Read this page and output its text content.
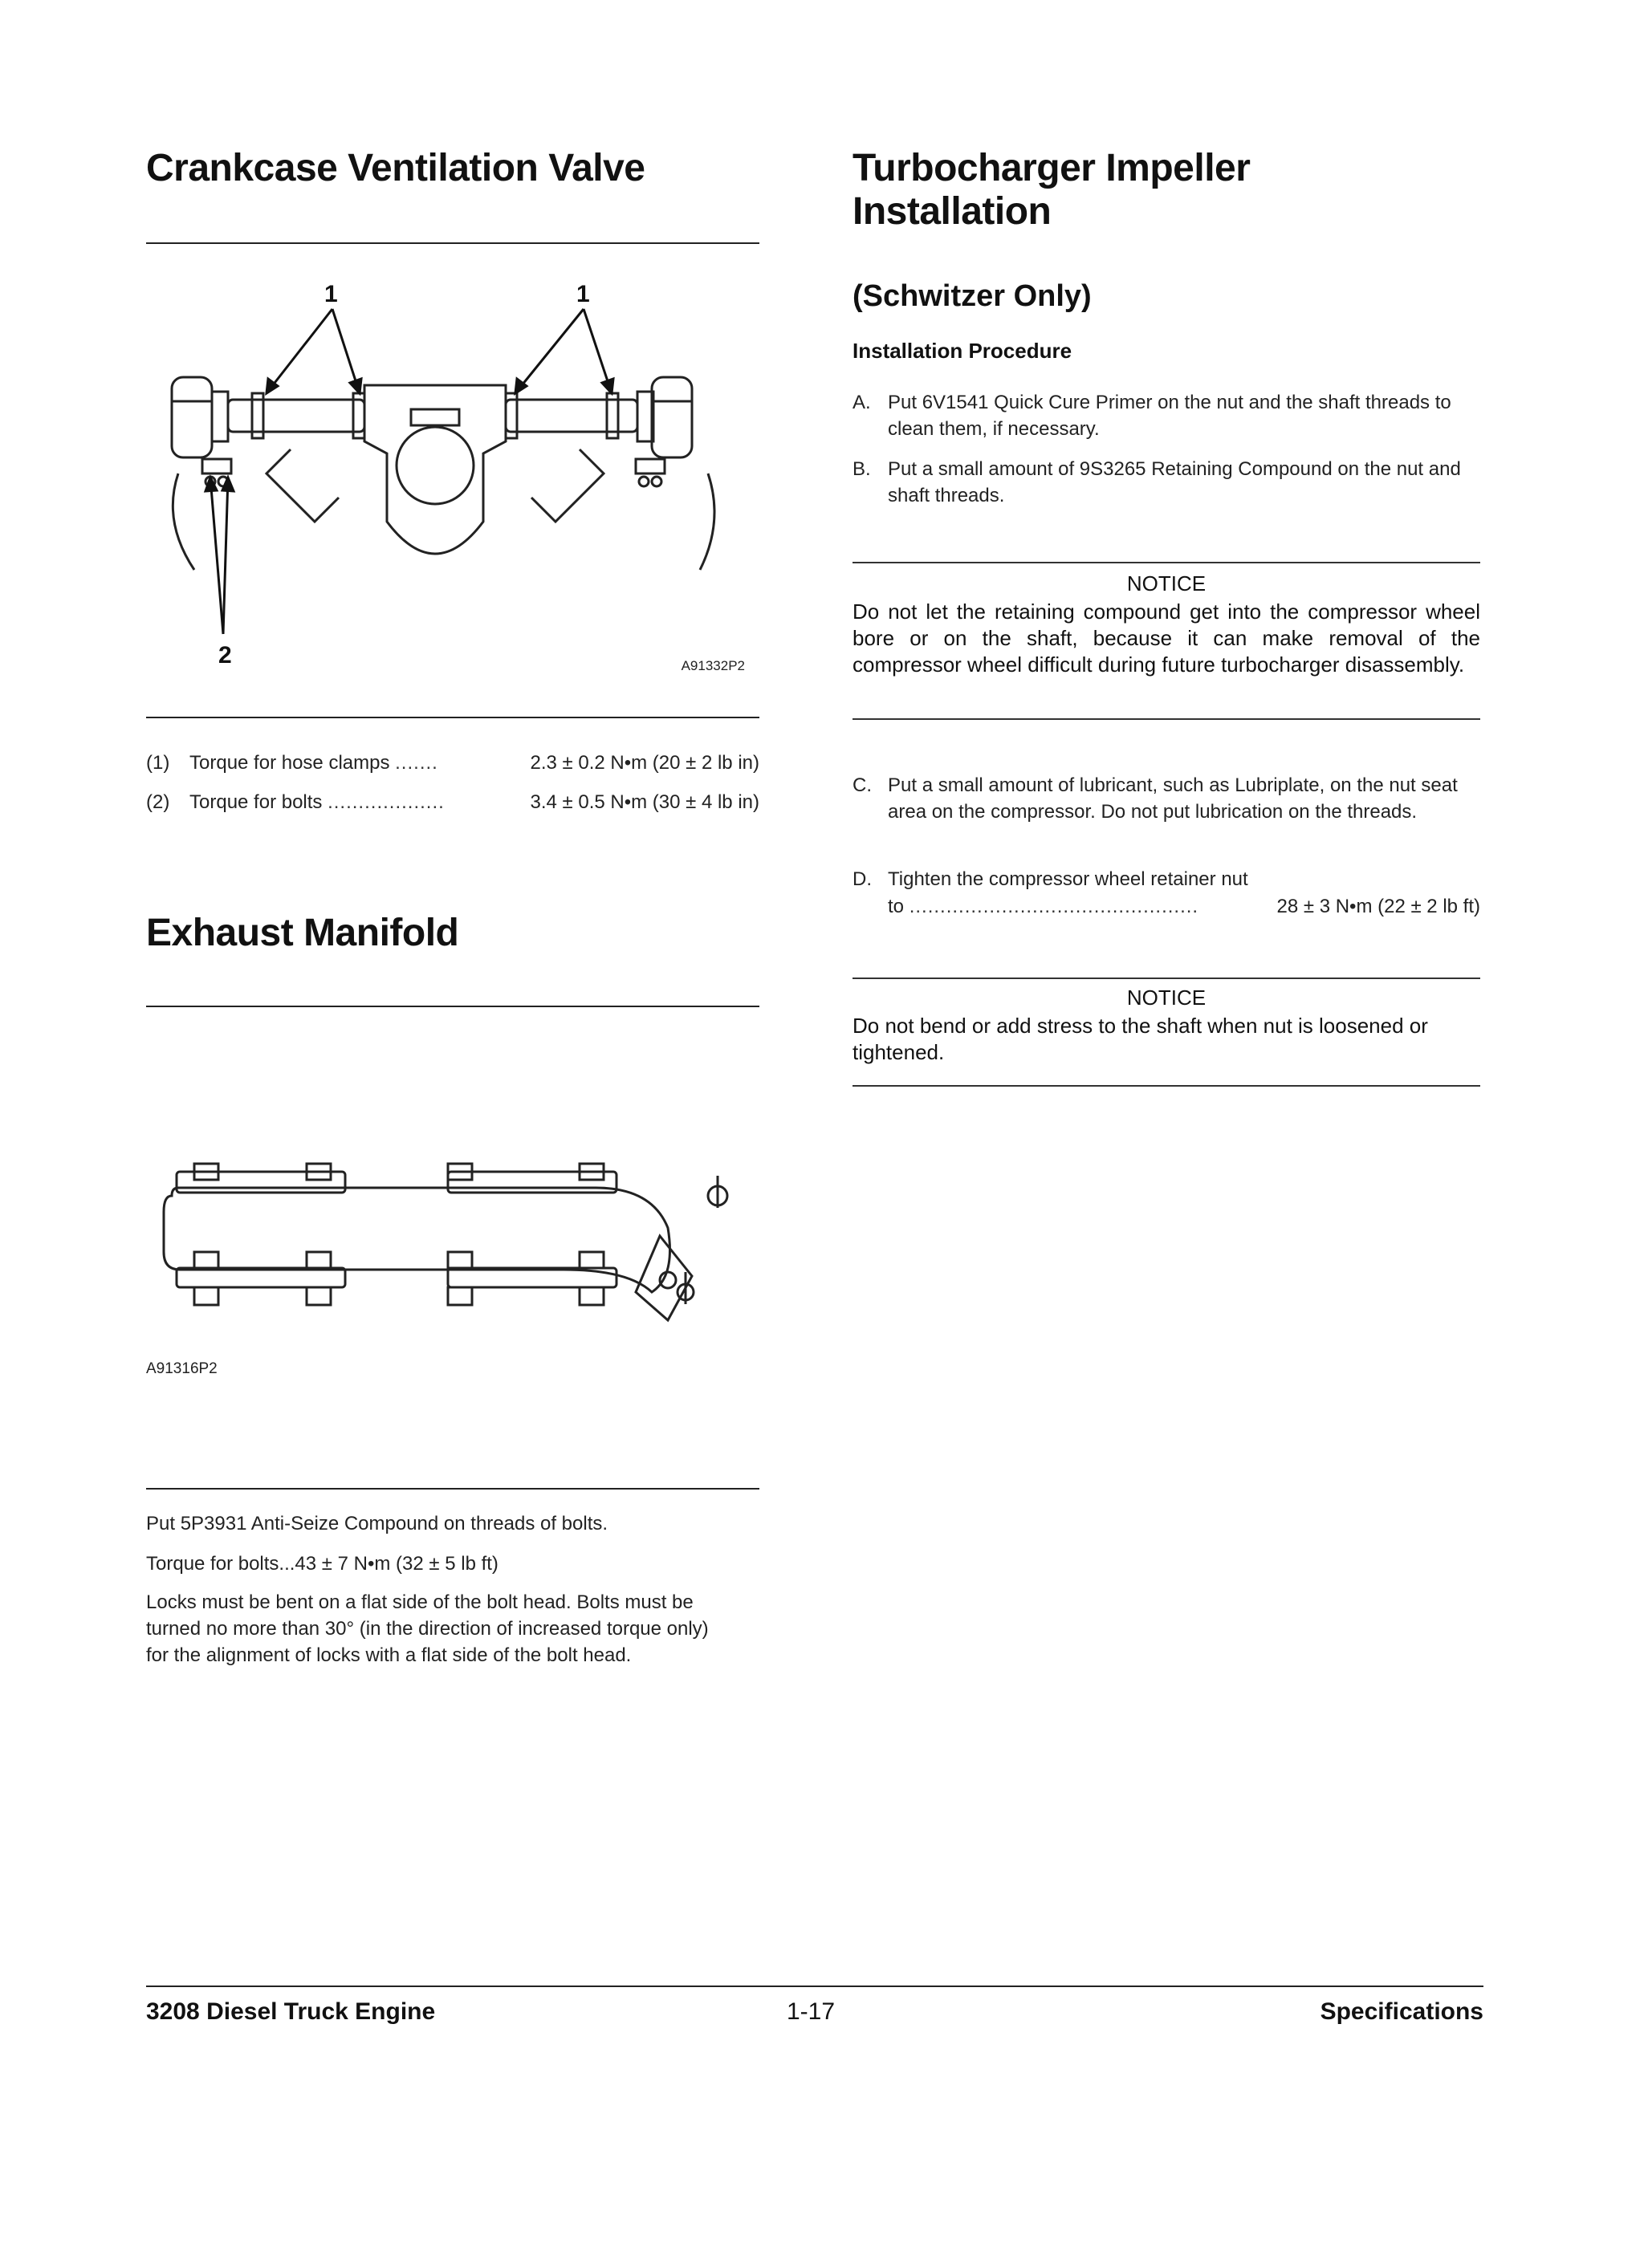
Crankcase Ventilation Valve
1	1
2	A91332P2
(1) Torque for hose clamps .......	2.3 ± 0.2 N•m (20 ± 2 lb in)
(2) Torque for bolts ...................	3.4 ± 0.5 N•m (30 ± 4 lb in)
Exhaust Manifold
A91316P2
Put 5P3931 Anti-Seize Compound on threads of bolts.
Torque for bolts...43 ± 7 N•m (32 ± 5 lb ft)
Locks must be bent on a flat side of the bolt head. Bolts must be turned no more than 30° (in the direction of increased torque only) for the alignment of locks with a flat side of the bolt head.
Turbocharger Impeller
Installation
(Schwitzer Only)
Installation Procedure
A. Put 6V1541 Quick Cure Primer on the nut and the shaft threads to clean them, if necessary.
B. Put a small amount of 9S3265 Retaining Compound on the nut and shaft threads.
NOTICE
Do not let the retaining compound get into the compressor wheel bore or on the shaft, because it can make removal of the compressor wheel difficult during future turbocharger disassembly.
C. Put a small amount of lubricant, such as Lubriplate, on the nut seat area on the compressor. Do not put lubrication on the threads.
D. Tighten the compressor wheel retainer nut
to ...............................................	28 ± 3 N•m (22 ± 2 lb ft)
NOTICE
Do not bend or add stress to the shaft when nut is loosened or tightened.
3208 Diesel Truck Engine	1-17	Specifications
